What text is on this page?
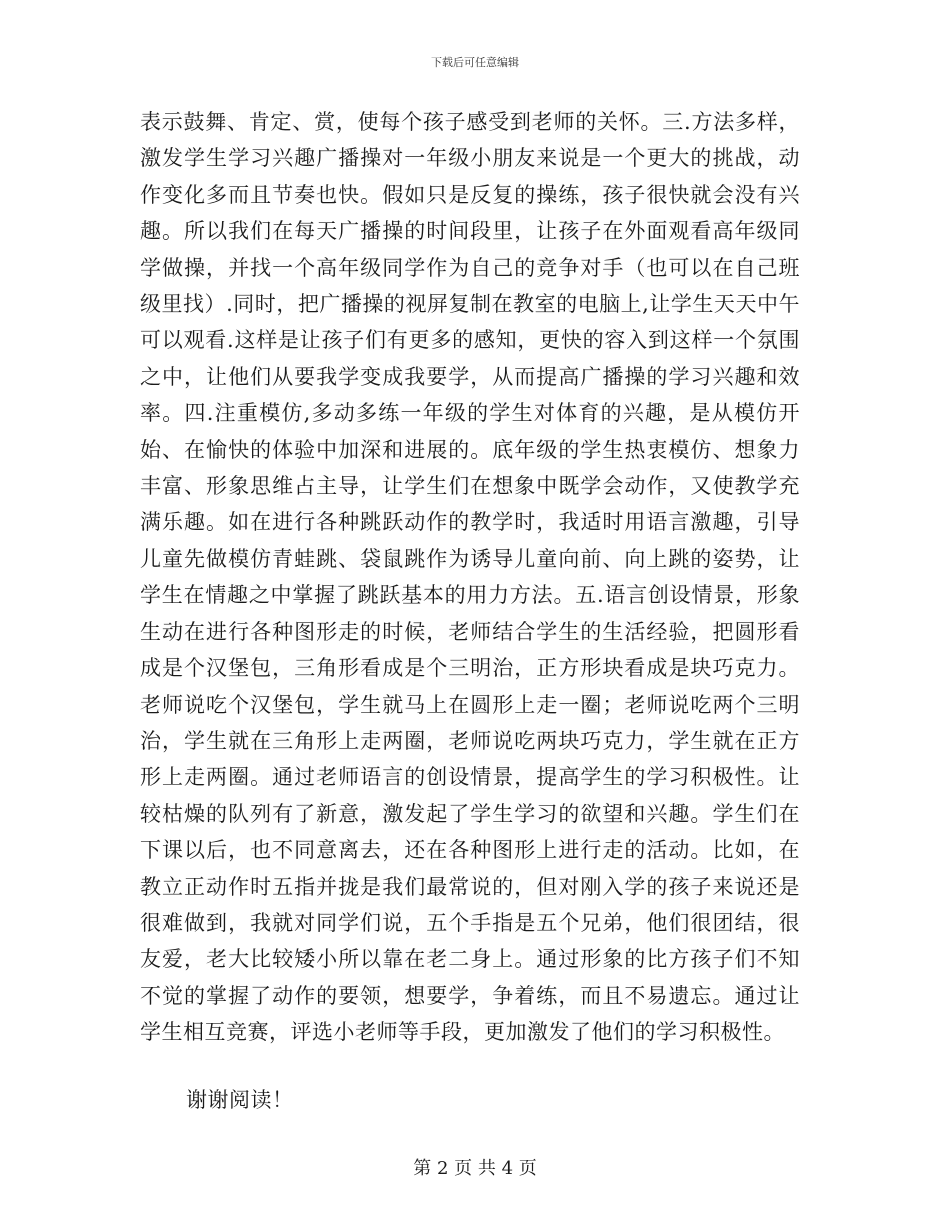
下载后可任意编辑

表示鼓舞、肯定、赏，使每个孩子感受到老师的关怀。三.方法多样，激发学生学习兴趣广播操对一年级小朋友来说是一个更大的挑战，动作变化多而且节奏也快。假如只是反复的操练，孩子很快就会没有兴趣。所以我们在每天广播操的时间段里，让孩子在外面观看高年级同学做操，并找一个高年级同学作为自己的竞争对手（也可以在自己班级里找）.同时，把广播操的视屏复制在教室的电脑上,让学生天天中午可以观看.这样是让孩子们有更多的感知，更快的容入到这样一个氛围之中，让他们从要我学变成我要学，从而提高广播操的学习兴趣和效率。四.注重模仿,多动多练一年级的学生对体育的兴趣，是从模仿开始、在愉快的体验中加深和进展的。底年级的学生热衷模仿、想象力丰富、形象思维占主导，让学生们在想象中既学会动作，又使教学充满乐趣。如在进行各种跳跃动作的教学时，我适时用语言激趣，引导儿童先做模仿青蛙跳、袋鼠跳作为诱导儿童向前、向上跳的姿势，让学生在情趣之中掌握了跳跃基本的用力方法。五.语言创设情景，形象生动在进行各种图形走的时候，老师结合学生的生活经验，把圆形看成是个汉堡包，三角形看成是个三明治，正方形块看成是块巧克力。老师说吃个汉堡包，学生就马上在圆形上走一圈；老师说吃两个三明治，学生就在三角形上走两圈，老师说吃两块巧克力，学生就在正方形上走两圈。通过老师语言的创设情景，提高学生的学习积极性。让较枯燥的队列有了新意，激发起了学生学习的欲望和兴趣。学生们在下课以后，也不同意离去，还在各种图形上进行走的活动。比如，在教立正动作时五指并拢是我们最常说的，但对刚入学的孩子来说还是很难做到，我就对同学们说，五个手指是五个兄弟，他们很团结，很友爱，老大比较矮小所以靠在老二身上。通过形象的比方孩子们不知不觉的掌握了动作的要领，想要学，争着练，而且不易遗忘。通过让学生相互竞赛，评选小老师等手段，更加激发了他们的学习积极性。

谢谢阅读！
第 2 页 共 4 页
